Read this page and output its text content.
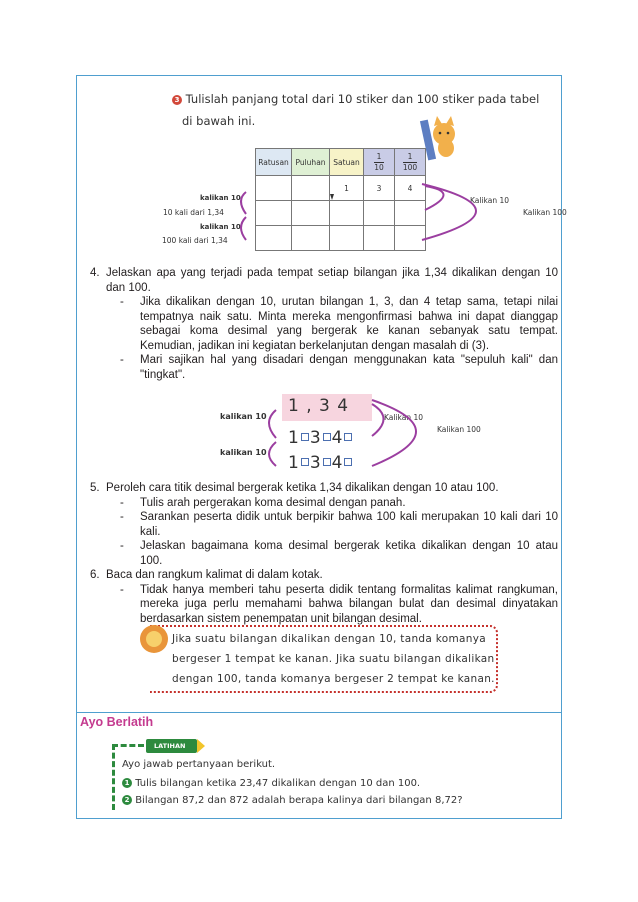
3 Tulislah panjang total dari 10 stiker dan 100 stiker pada tabel
di bawah ini.
Ratusan	Puluhan	Satuan	$\frac{1}{10}$	$\frac{1}{100}$
		1	3	4

kalikan 10
10 kali dari 1,34
kalikan 10
100 kali dari 1,34
Kalikan 10
Kalikan 100
4. Jelaskan apa yang terjadi pada tempat setiap bilangan jika 1,34 dikalikan dengan 10 dan 100.
- Jika dikalikan dengan 10, urutan bilangan 1, 3, dan 4 tetap sama, tetapi nilai tempatnya naik satu. Minta mereka mengonfirmasi bahwa ini dapat dianggap sebagai koma desimal yang bergerak ke kanan sebanyak satu tempat. Kemudian, jadikan ini kegiatan berkelanjutan dengan masalah di (3).
- Mari sajikan hal yang disadari dengan menggunakan kata "sepuluh kali" dan "tingkat".
1 , 3 4
1 3 4
1 3 4
kalikan 10
kalikan 10
Kalikan 10
Kalikan 100
5. Peroleh cara titik desimal bergerak ketika 1,34 dikalikan dengan 10 atau 100.
- Tulis arah pergerakan koma desimal dengan panah.
- Sarankan peserta didik untuk berpikir bahwa 100 kali merupakan 10 kali dari 10 kali.
- Jelaskan bagaimana koma desimal bergerak ketika dikalikan dengan 10 atau 100.
6. Baca dan rangkum kalimat di dalam kotak.
- Tidak hanya memberi tahu peserta didik tentang formalitas kalimat rangkuman, mereka juga perlu memahami bahwa bilangan bulat dan desimal dinyatakan berdasarkan sistem penempatan unit bilangan desimal.
Jika suatu bilangan dikalikan dengan 10, tanda komanya
bergeser 1 tempat ke kanan. Jika suatu bilangan dikalikan
dengan 100, tanda komanya bergeser 2 tempat ke kanan.
Ayo Berlatih
LATIHAN
Ayo jawab pertanyaan berikut.
1 Tulis bilangan ketika 23,47 dikalikan dengan 10 dan 100.
2 Bilangan 87,2 dan 872 adalah berapa kalinya dari bilangan 8,72?
